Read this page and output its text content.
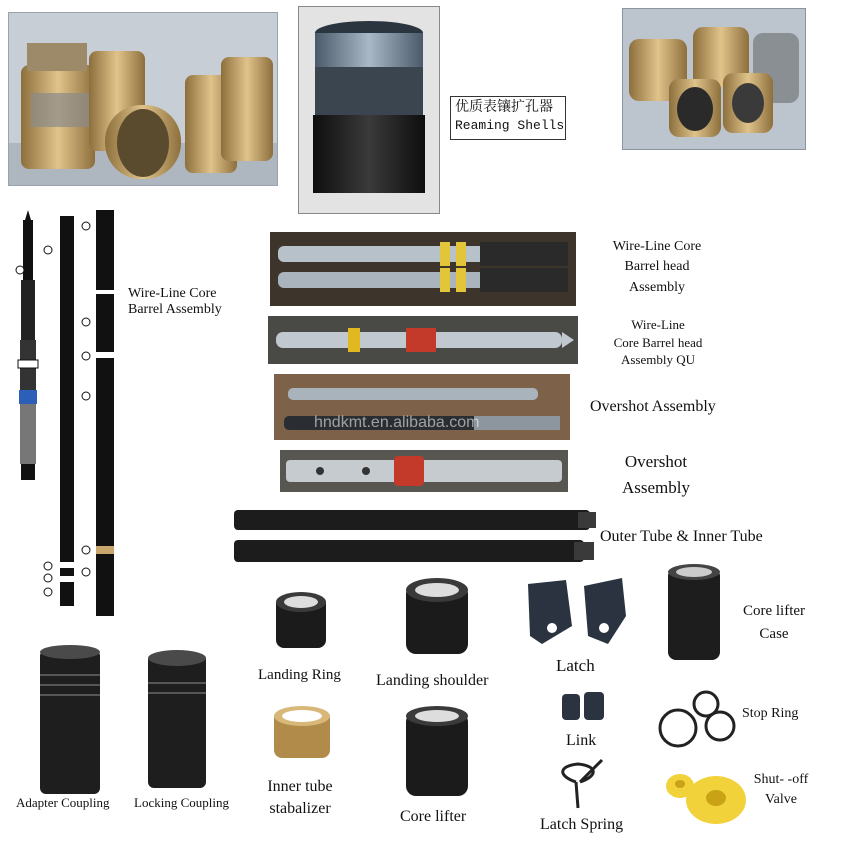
优质表镶扩孔器
Reaming Shells
Wire-Line Core
Barrel Assembly
Wire-Line Core
Barrel head
Assembly
Wire-Line
Core Barrel head
Assembly QU
hndkmt.en.alibaba.com
Overshot Assembly
Overshot
Assembly
Outer Tube & Inner Tube
Landing Ring Landing shoulder
Latch
Core lifter
Case
Adapter Coupling Locking Coupling
Inner tube
stabalizer	Core lifter
Link
Latch Spring
Stop Ring
Shut- -off
Valve
